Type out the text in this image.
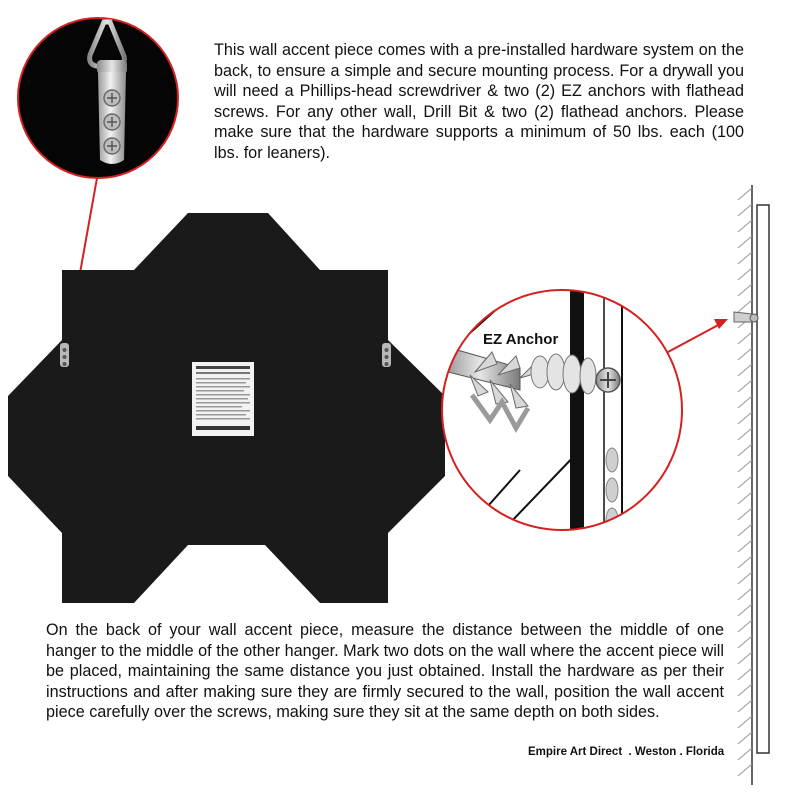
EZ Anchor

This wall accent piece comes with a pre-installed hardware system on the back, to ensure a simple and secure mounting process. For a drywall you will need a Phillips-head screwdriver & two (2) EZ anchors with flathead screws. For any other wall, Drill Bit & two (2) flathead anchors. Please make sure that the hardware supports a minimum of 50 lbs. each (100 lbs. for leaners).

On the back of your wall accent piece, measure the distance between the middle of one hanger to the middle of the other hanger. Mark two dots on the wall where the accent piece will be placed, maintaining the same distance you just obtained. Install the hardware as per their instructions and after making sure they are firmly secured to the wall, position the wall accent piece carefully over the screws, making sure they sit at the same depth on both sides.

Empire Art Direct  . Weston . Florida
